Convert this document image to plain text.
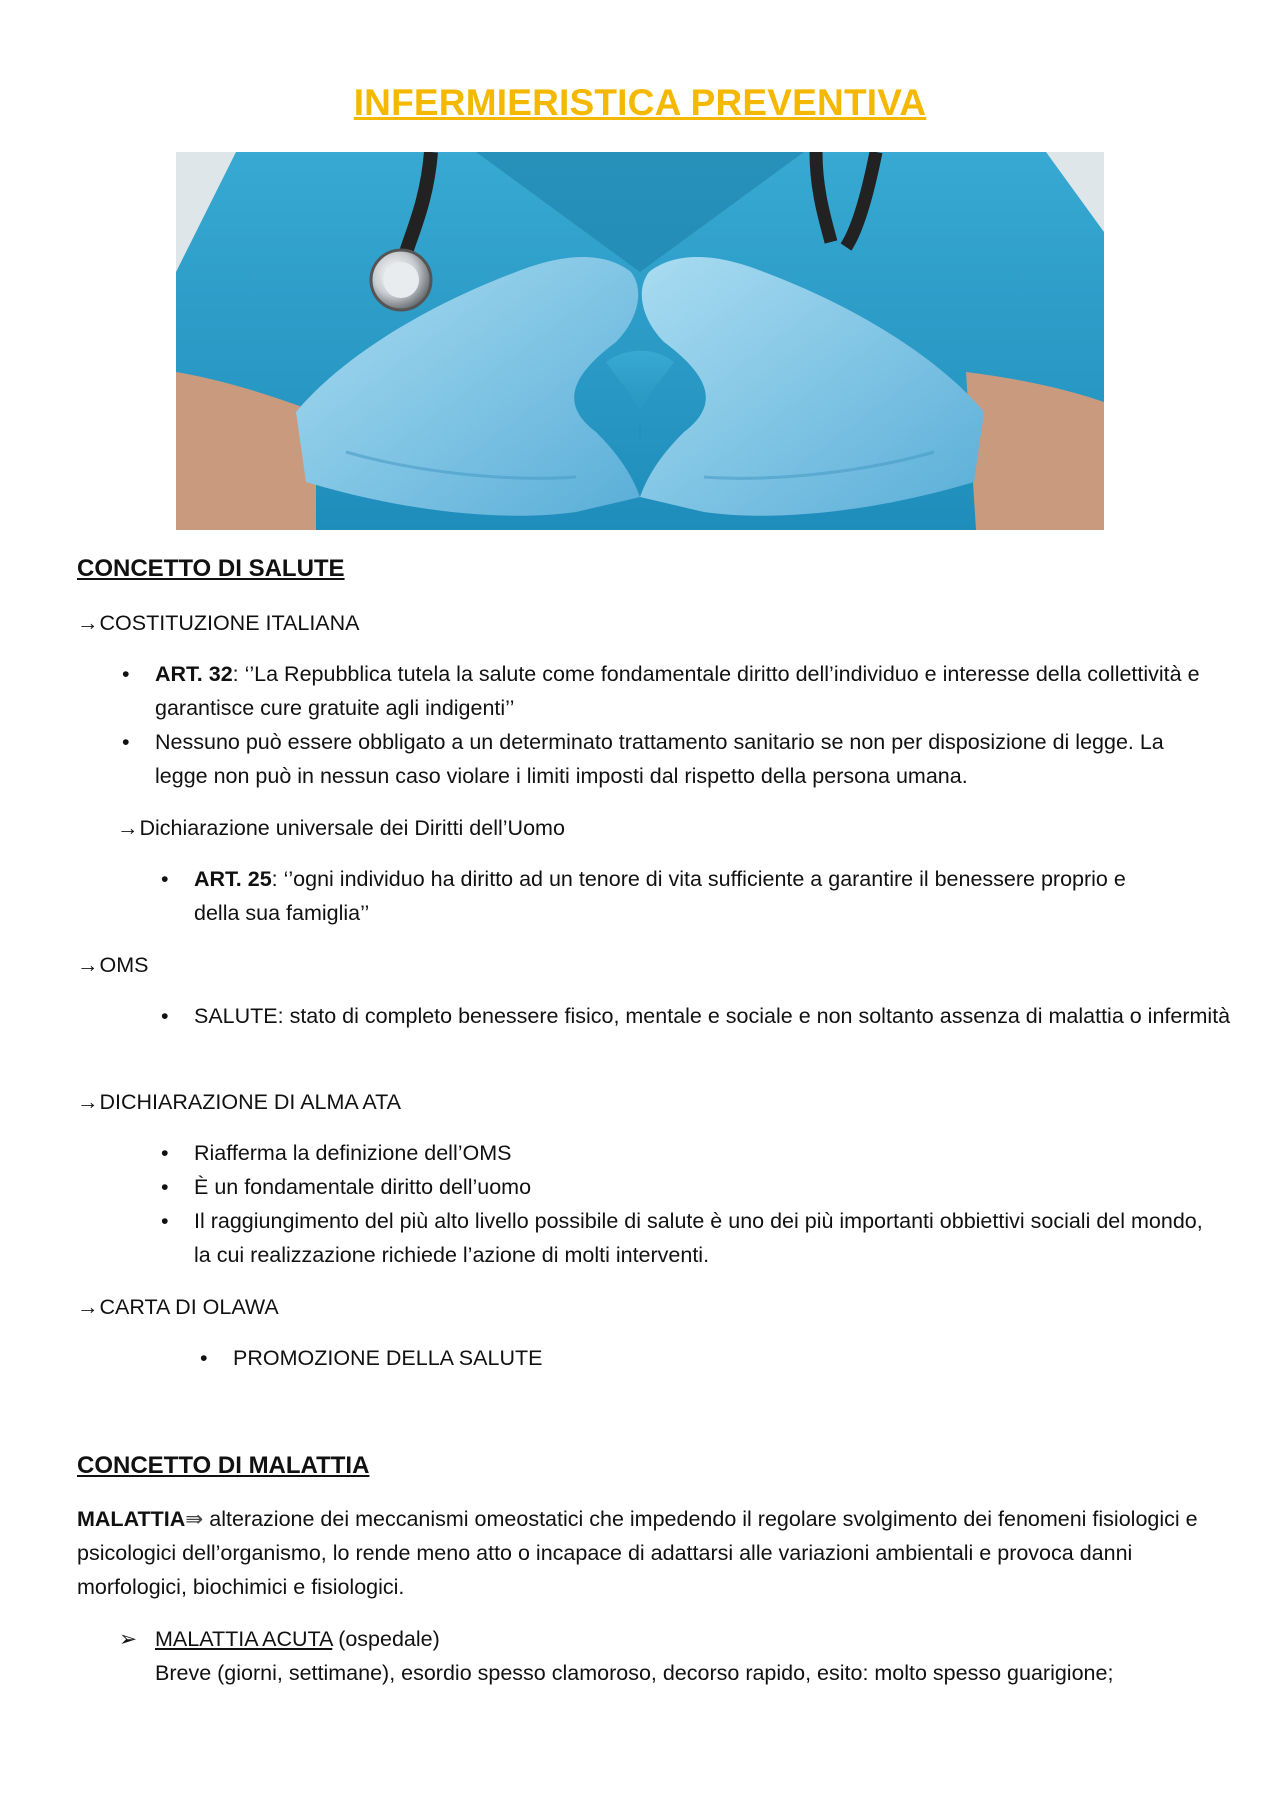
INFERMIERISTICA PREVENTIVA
CONCETTO DI SALUTE
→COSTITUZIONE ITALIANA
• ART. 32: ‘’La Repubblica tutela la salute come fondamentale diritto dell’individuo e interesse della collettività e garantisce cure gratuite agli indigenti’’
• Nessuno può essere obbligato a un determinato trattamento sanitario se non per disposizione di legge. La legge non può in nessun caso violare i limiti imposti dal rispetto della persona umana.
→Dichiarazione universale dei Diritti dell’Uomo
• ART. 25: ‘’ogni individuo ha diritto ad un tenore di vita sufficiente a garantire il benessere proprio e della sua famiglia’’
→OMS
• SALUTE: stato di completo benessere fisico, mentale e sociale e non soltanto assenza di malattia o infermità
→DICHIARAZIONE DI ALMA ATA
• Riafferma la definizione dell’OMS
• È un fondamentale diritto dell’uomo
• Il raggiungimento del più alto livello possibile di salute è uno dei più importanti obbiettivi sociali del mondo, la cui realizzazione richiede l’azione di molti interventi.
→CARTA DI OLAWA
• PROMOZIONE DELLA SALUTE
CONCETTO DI MALATTIA
MALATTIA⇛ alterazione dei meccanismi omeostatici che impedendo il regolare svolgimento dei fenomeni fisiologici e psicologici dell’organismo, lo rende meno atto o incapace di adattarsi alle variazioni ambientali e provoca danni morfologici, biochimici e fisiologici.
➢ MALATTIA ACUTA (ospedale)
Breve (giorni, settimane), esordio spesso clamoroso, decorso rapido, esito: molto spesso guarigione;
